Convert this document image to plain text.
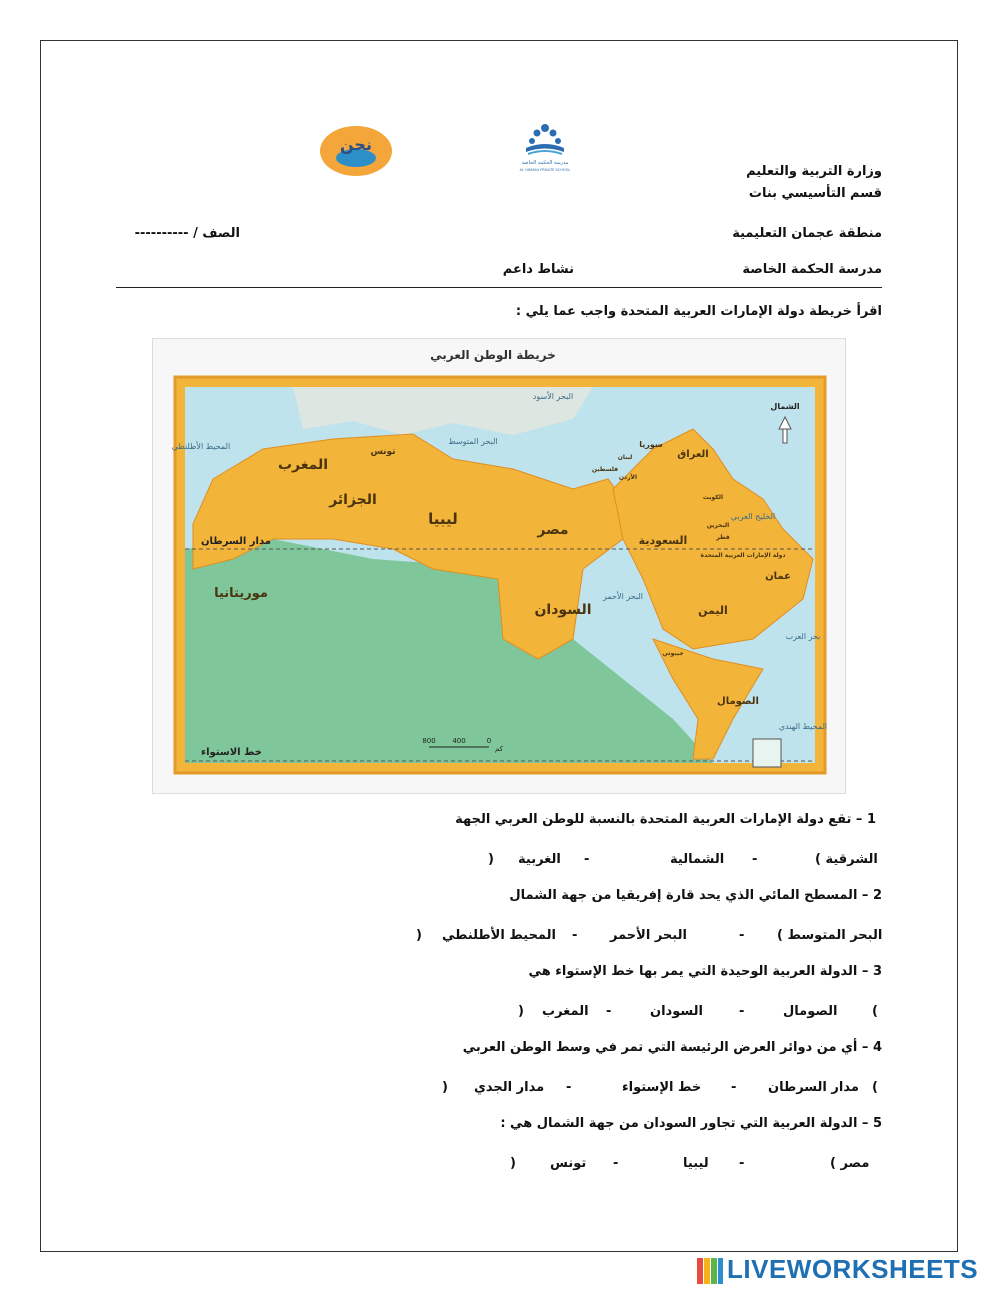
مدرسة الحكمة الخاصة
AL HIKMAH PRIVATE SCHOOL
نحن
وزارة التربية والتعليم
قسم التأسيسي بنات
منطقة عجمان التعليمية
الصف / ----------
مدرسة الحكمة الخاصة
نشاط داعم
اقرأ خريطة دولة الإمارات العربية المتحدة واجب عما يلي :
خريطة الوطن العربي
المغرب
الجزائر
تونس
ليبيا
مصر
السودان
موريتانيا
السعودية
العراق
سوريا
اليمن
عمان
الصومال
دولة الإمارات العربية المتحدة
الكويت
قطر
البحرين
الأردن
فلسطين
لبنان
جيبوتي
البحر المتوسط
المحيط الأطلنطي
البحر الأسود
البحر الأحمر
بحر العرب
المحيط الهندي
الخليج العربي
مدار السرطان
خط الاستواء
الشمال
800 400	0
كم
1 – تقع دولة الإمارات العربية المتحدة بالنسبة للوطن العربي الجهة
( الشرقية
-
الشمالية
-
الغربية
)
2 – المسطح المائي الذي يحد قارة إفريقيا من جهة الشمال
( البحر المتوسط
-
البحر الأحمر
-
المحيط الأطلنطي
)
3 – الدولة العربية الوحيدة التي يمر بها خط الإستواء هي
(
الصومال
-
السودان
-
المغرب
)
4 – أي من دوائر العرض الرئيسة التي تمر في وسط الوطن العربي
(
مدار السرطان
-
خط الإستواء
-
مدار الجدي
)
5 – الدولة العربية التي تجاور السودان من جهة الشمال هي :
( مصر
-
ليبيا
-
تونس
)
LIVEWORKSHEETS
